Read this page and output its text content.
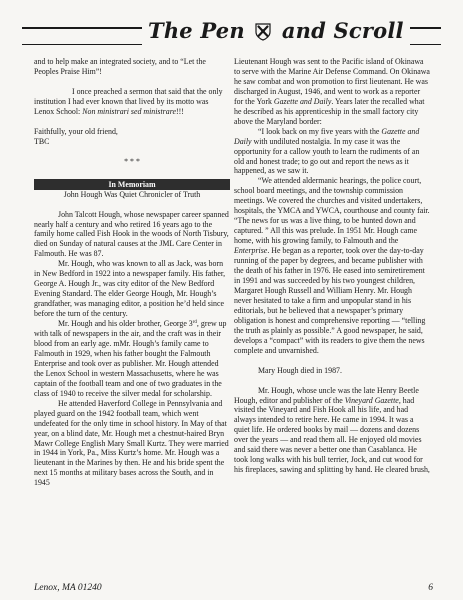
The Pen and Scroll

and to help make an integrated society, and to “Let the Peoples Praise Him”!

I once preached a sermon that said that the only institution I had ever known that lived by its motto was Lenox School: Non ministrari sed ministrare!!!

Faithfully, your old friend,

TBC

* * *

In Memoriam

John Hough Was Quiet Chronicler of Truth

John Talcott Hough, whose newspaper career spanned nearly half a century and who retired 16 years ago to the family home called Fish Hook in the woods of North Tisbury, died on Sunday of natural causes at the JML Care Center in Falmouth. He was 87.

Mr. Hough, who was known to all as Jack, was born in New Bedford in 1922 into a newspaper family. His father, George A. Hough Jr., was city editor of the New Bedford Evening Standard. The elder George Hough, Mr. Hough’s grandfather, was managing editor, a position he’d held since before the turn of the century.

Mr. Hough and his older brother, George 3rd, grew up with talk of newspapers in the air, and the craft was in their blood from an early age. mMr. Hough’s family came to Falmouth in 1929, when his father bought the Falmouth Enterprise and took over as publisher. Mr. Hough attended the Lenox School in western Massachusetts, where he was captain of the football team and one of two graduates in the class of 1940 to receive the silver medal for scholarship.

He attended Haverford College in Pennsylvania and played guard on the 1942 football team, which went undefeated for the only time in school history. In May of that year, on a blind date, Mr. Hough met a chestnut-haired Bryn Mawr College English Mary Small Kurtz. They were married in 1944 in York, Pa., Miss Kurtz’s home. Mr. Hough was a lieutenant in the Marines by then. He and his bride spent the next 15 months at military bases across the South, and in 1945

Lieutenant Hough was sent to the Pacific island of Okinawa to serve with the Marine Air Defense Command. On Okinawa he saw combat and won promotion to first lieutenant. He was discharged in August, 1946, and went to work as a reporter for the York Gazette and Daily. Years later the recalled what he described as his apprenticeship in the small factory city above the Maryland border:

“I look back on my five years with the Gazette and Daily with undiluted nostalgia. In my case it was the opportunity for a callow youth to learn the rudiments of an old and honest trade; to go out and report the news as it happened, as we saw it.

“We attended aldermanic hearings, the police court, school board meetings, and the township commission meetings. We covered the churches and visited undertakers, hospitals, the YMCA and YWCA, courthouse and county fair. “The news for us was a live thing, to be hunted down and captured. ” All this was prelude. In 1951 Mr. Hough came home, with his growing family, to Falmouth and the Enterprise. He began as a reporter, took over the day-to-day running of the paper by degrees, and became publisher with the death of his father in 1976. He eased into semiretirement in 1991 and was succeeded by his two youngest children, Margaret Hough Russell and William Henry. Mr. Hough never hesitated to take a firm and unpopular stand in his editorials, but he believed that a newspaper’s primary obligation is honest and comprehensive reporting — “telling the truth as plainly as possible.” A good newspaper, he said, develops a “compact” with its readers to give them the news complete and unvarnished.

Mary Hough died in 1987.

Mr. Hough, whose uncle was the late Henry Beetle Hough, editor and publisher of the Vineyard Gazette, had visited the Vineyard and Fish Hook all his life, and had always intended to retire here. He came in 1994. It was a quiet life. He ordered books by mail — dozens and dozens over the years — and read them all. He enjoyed old movies and said there was never a better one than Casablanca. He took long walks with his bull terrier, Jock, and cut wood for his fireplaces, sawing and splitting by hand. He cleared brush,

Lenox, MA 01240	6
